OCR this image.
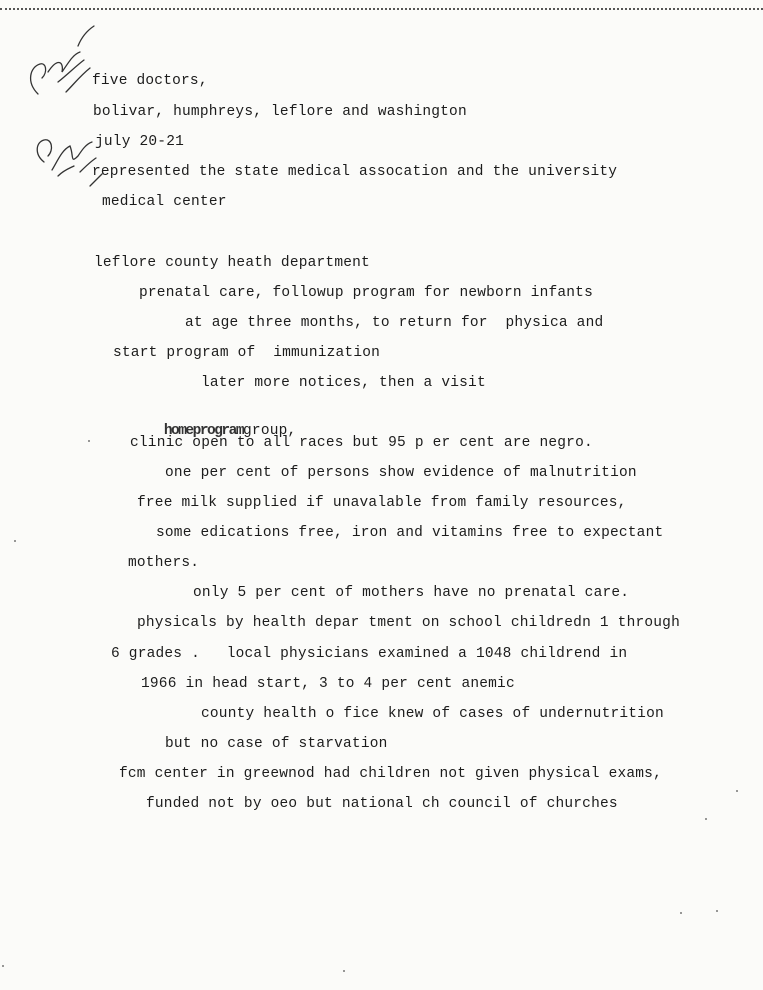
five doctors,
bolivar, humphreys, leflore and washington
july 20-21
represented the state medical assocation and the university
medical center
leflore county heath department
prenatal care, followup program for newborn infants
at age three months, to return for  physica and
start program of  immunization
later more notices, then a visit

homeprogramgroup,

clinic open to all races but 95 p er cent are negro.
one per cent of persons show evidence of malnutrition
free milk supplied if unavalable from family resources,
some edications free, iron and vitamins free to expectant
mothers.
only 5 per cent of mothers have no prenatal care.
physicals by health depar tment on school childredn 1 through
6 grades .   local physicians examined a 1048 childrend in
1966 in head start, 3 to 4 per cent anemic
county health o fice knew of cases of undernutrition
but no case of starvation
fcm center in greewnod had children not given physical exams,
funded not by oeo but national ch council of churches
